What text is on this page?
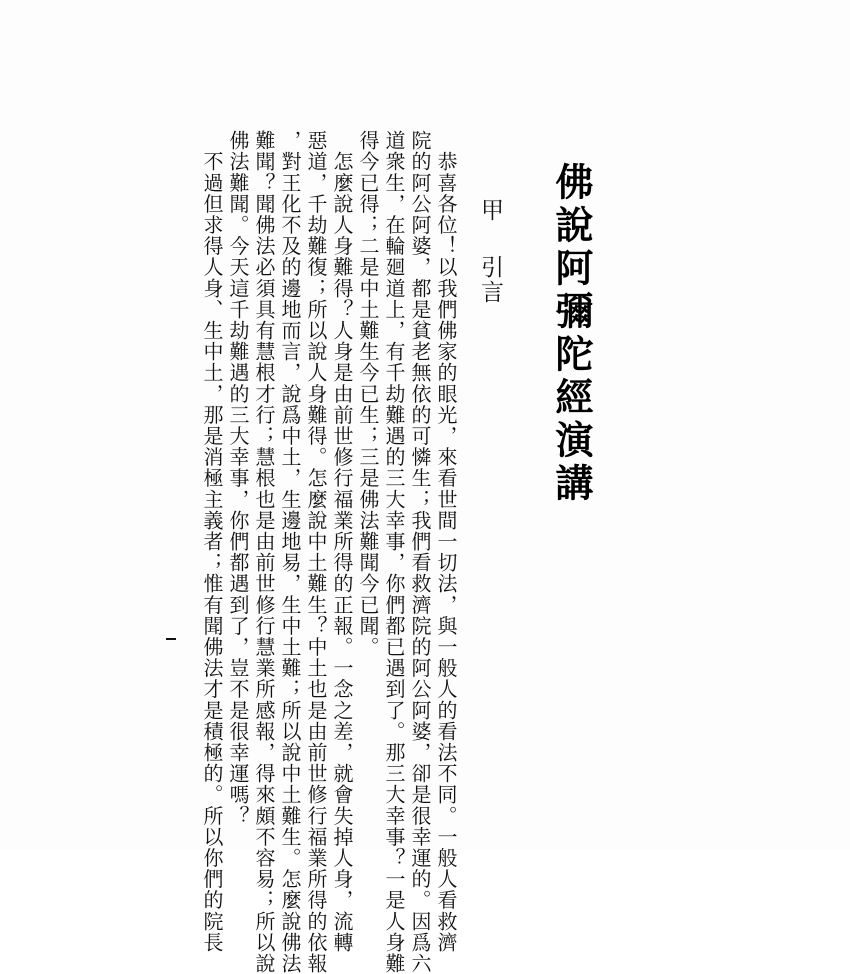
佛說阿彌陀經演講
甲引言
　恭喜各位！以我們佛家的眼光，來看世間一切法，與一般人的看法不同。一般人看救濟
院的阿公阿婆，都是貧老無依的可憐生；我們看救濟院的阿公阿婆，卻是很幸運的。因爲六
道衆生，在輪廻道上，有千劫難遇的三大幸事，你們都已遇到了。那三大幸事？一是人身難
得今已得；二是中土難生今已生；三是佛法難聞今已聞。
　怎麼說人身難得？人身是由前世修行福業所得的正報。一念之差，就會失掉人身，流轉
惡道，千劫難復；所以說人身難得。怎麼說中土難生？中土也是由前世修行福業所得的依報
，對王化不及的邊地而言，說爲中土，生邊地易，生中土難；所以說中土難生。怎麼說佛法
難聞？聞佛法必須具有慧根才行；慧根也是由前世修行慧業所感報，得來頗不容易；所以說
佛法難聞。今天這千劫難遇的三大幸事，你們都遇到了，豈不是很幸運嗎？
　不過但求得人身、生中土，那是消極主義者；惟有聞佛法才是積極的。所以你們的院長
